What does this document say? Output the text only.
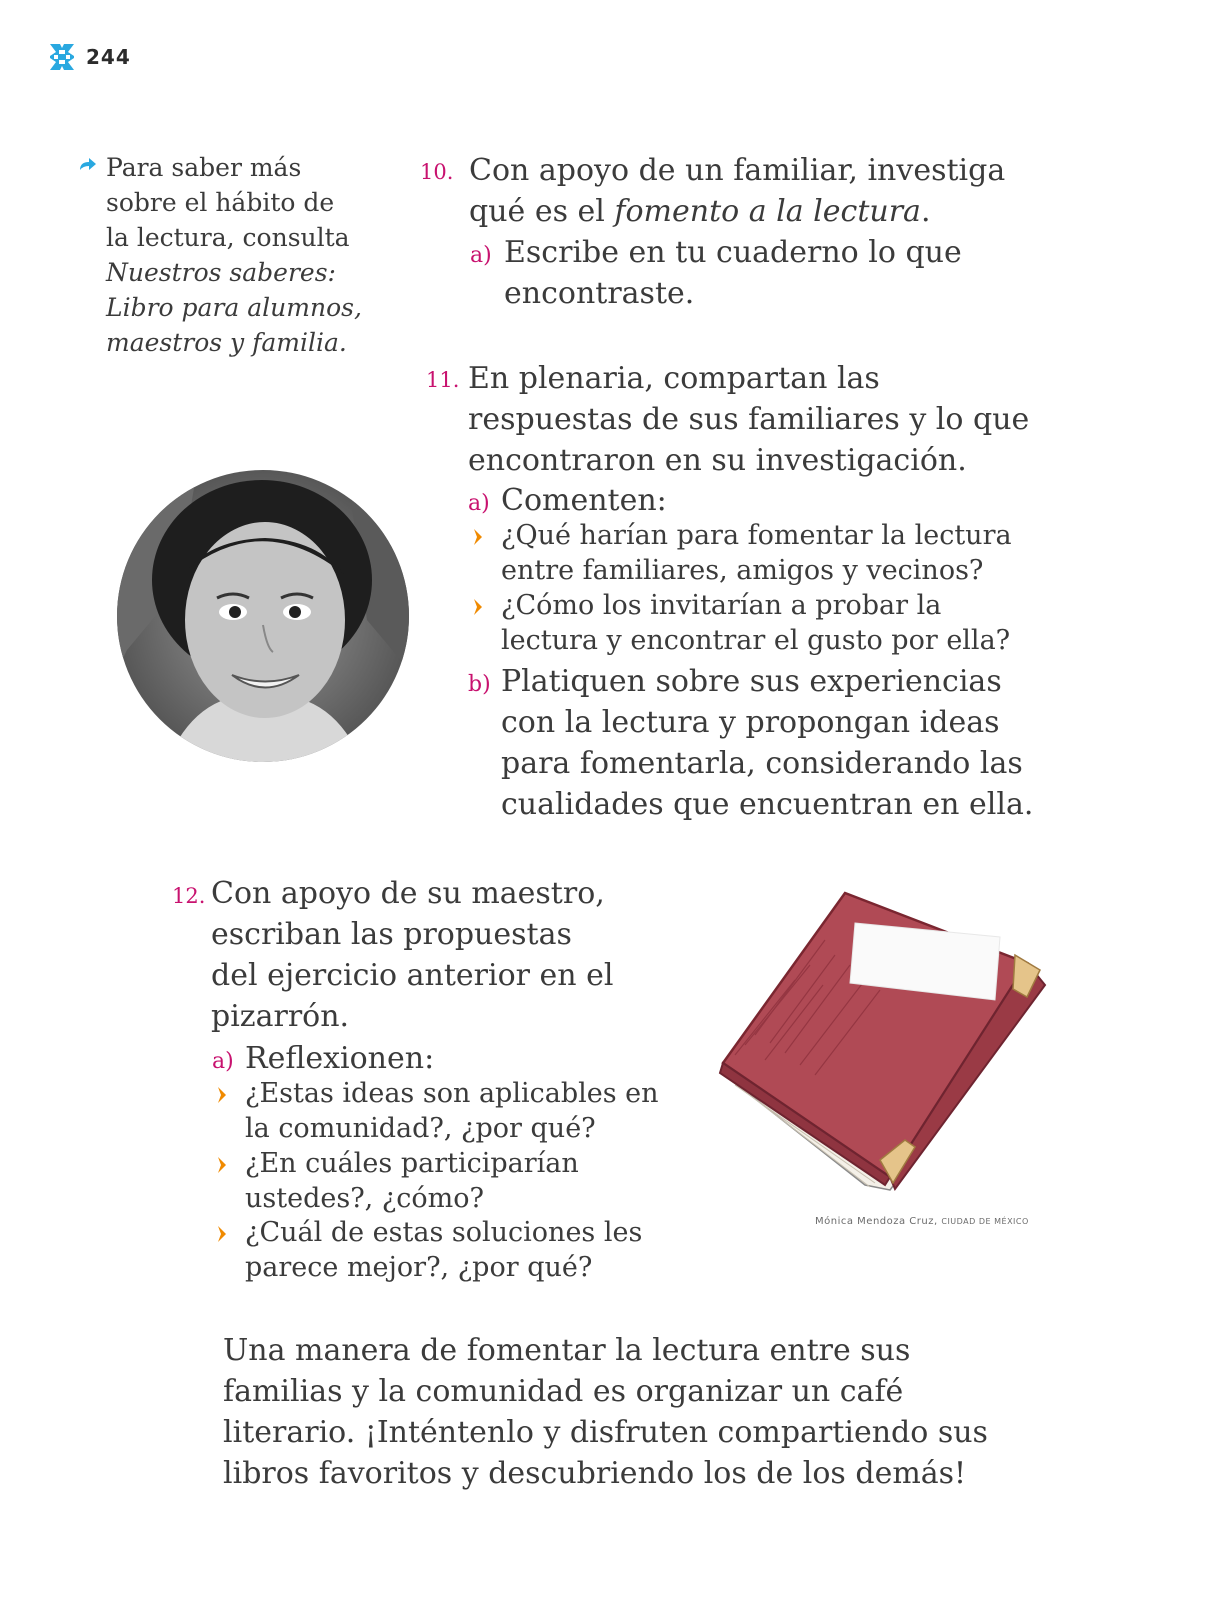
244
Para saber más
sobre el hábito de
la lectura, consulta
Nuestros saberes:
Libro para alumnos,
maestros y familia.
10. Con apoyo de un familiar, investiga
qué es el fomento a la lectura.
a) Escribe en tu cuaderno lo que
encontraste.
11. En plenaria, compartan las
respuestas de sus familiares y lo que
encontraron en su investigación.
a) Comenten:
¿Qué harían para fomentar la lectura
entre familiares, amigos y vecinos?
¿Cómo los invitarían a probar la
lectura y encontrar el gusto por ella?
b) Platiquen sobre sus experiencias
con la lectura y propongan ideas
para fomentarla, considerando las
cualidades que encuentran en ella.
12. Con apoyo de su maestro,
escriban las propuestas
del ejercicio anterior en el
pizarrón.
a) Reflexionen:
¿Estas ideas son aplicables en
la comunidad?, ¿por qué?
¿En cuáles participarían
ustedes?, ¿cómo?
¿Cuál de estas soluciones les
parece mejor?, ¿por qué?
Mónica Mendoza Cruz, CIUDAD DE MÉXICO
Una manera de fomentar la lectura entre sus
familias y la comunidad es organizar un café
literario. ¡Inténtenlo y disfruten compartiendo sus
libros favoritos y descubriendo los de los demás!
